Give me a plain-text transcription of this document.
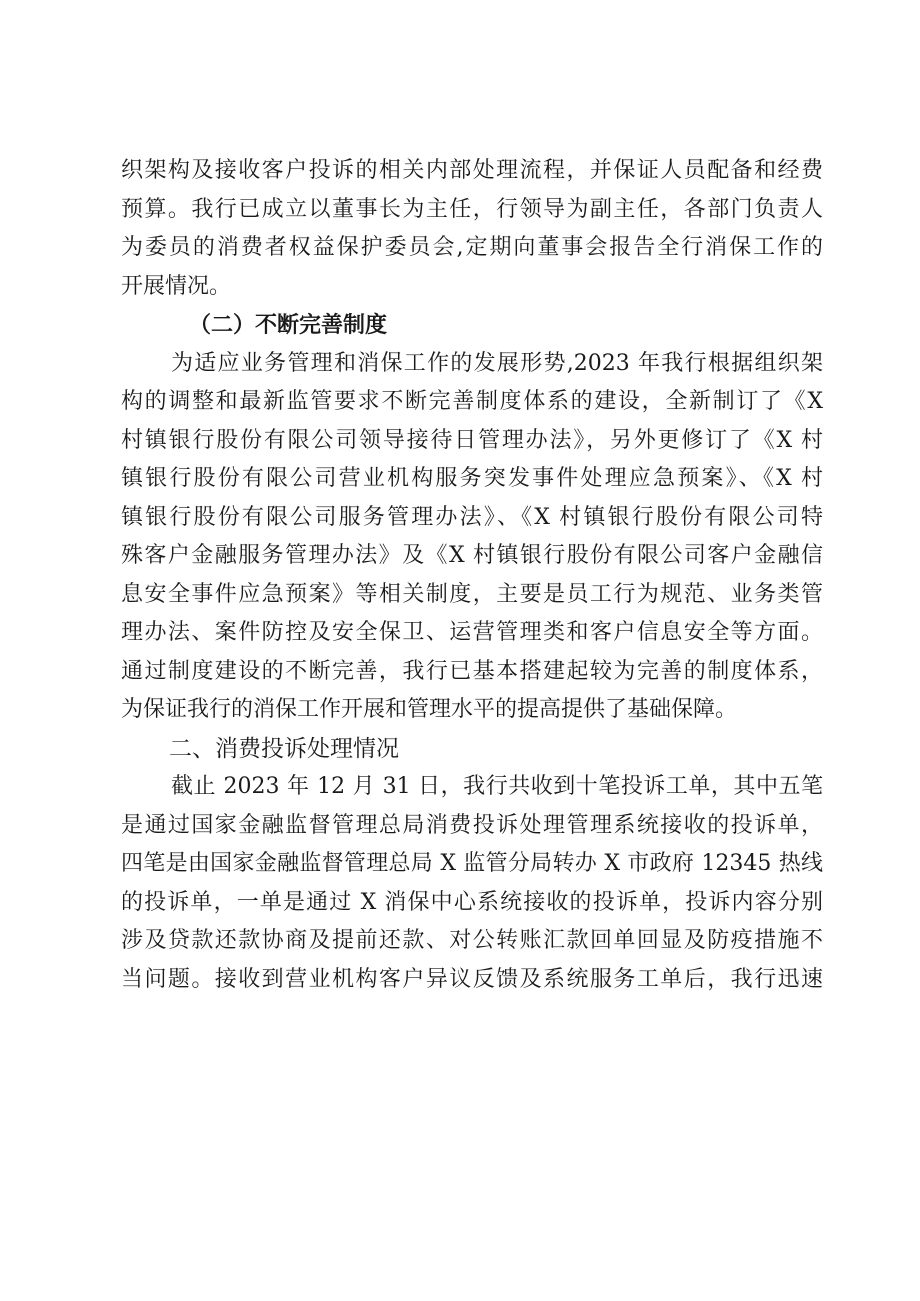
织架构及接收客户投诉的相关内部处理流程，并保证人员配备和经费
预算。我行已成立以董事长为主任，行领导为副主任，各部门负责人
为委员的消费者权益保护委员会,定期向董事会报告全行消保工作的
开展情况。
（二）不断完善制度
为适应业务管理和消保工作的发展形势,2023 年我行根据组织架
构的调整和最新监管要求不断完善制度体系的建设，全新制订了《X
村镇银行股份有限公司领导接待日管理办法》，另外更修订了《X 村
镇银行股份有限公司营业机构服务突发事件处理应急预案》、《X 村
镇银行股份有限公司服务管理办法》、《X 村镇银行股份有限公司特
殊客户金融服务管理办法》及《X 村镇银行股份有限公司客户金融信
息安全事件应急预案》等相关制度，主要是员工行为规范、业务类管
理办法、案件防控及安全保卫、运营管理类和客户信息安全等方面。
通过制度建设的不断完善，我行已基本搭建起较为完善的制度体系，
为保证我行的消保工作开展和管理水平的提高提供了基础保障。
二、消费投诉处理情况
截止 2023 年 12 月 31 日，我行共收到十笔投诉工单，其中五笔
是通过国家金融监督管理总局消费投诉处理管理系统接收的投诉单，
四笔是由国家金融监督管理总局 X 监管分局转办 X 市政府 12345 热线
的投诉单，一单是通过 X 消保中心系统接收的投诉单，投诉内容分别
涉及贷款还款协商及提前还款、对公转账汇款回单回显及防疫措施不
当问题。接收到营业机构客户异议反馈及系统服务工单后，我行迅速
